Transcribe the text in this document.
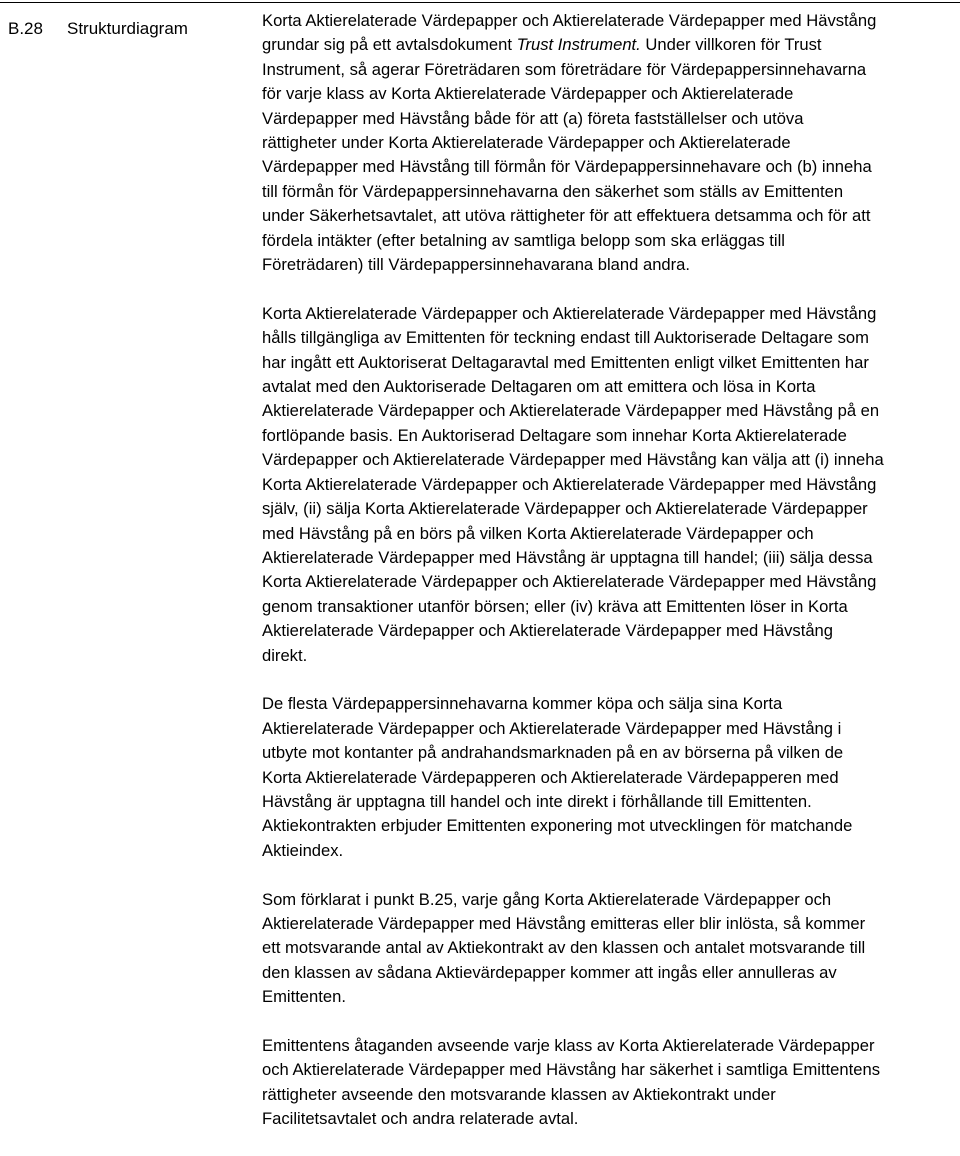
B.28 Strukturdiagram	Korta Aktierelaterade Värdepapper och Aktierelaterade Värdepapper med Hävstång
grundar sig på ett avtalsdokument Trust Instrument. Under villkoren för Trust
Instrument, så agerar Företrädaren som företrädare för Värdepappersinnehavarna
för varje klass av Korta Aktierelaterade Värdepapper och Aktierelaterade
Värdepapper med Hävstång både för att (a) företa fastställelser och utöva
rättigheter under Korta Aktierelaterade Värdepapper och Aktierelaterade
Värdepapper med Hävstång till förmån för Värdepappersinnehavare och (b) inneha
till förmån för Värdepappersinnehavarna den säkerhet som ställs av Emittenten
under Säkerhetsavtalet, att utöva rättigheter för att effektuera detsamma och för att
fördela intäkter (efter betalning av samtliga belopp som ska erläggas till
Företrädaren) till Värdepappersinnehavarana bland andra.

Korta Aktierelaterade Värdepapper och Aktierelaterade Värdepapper med Hävstång
hålls tillgängliga av Emittenten för teckning endast till Auktoriserade Deltagare som
har ingått ett Auktoriserat Deltagaravtal med Emittenten enligt vilket Emittenten har
avtalat med den Auktoriserade Deltagaren om att emittera och lösa in Korta
Aktierelaterade Värdepapper och Aktierelaterade Värdepapper med Hävstång på en
fortlöpande basis. En Auktoriserad Deltagare som innehar Korta Aktierelaterade
Värdepapper och Aktierelaterade Värdepapper med Hävstång kan välja att (i) inneha
Korta Aktierelaterade Värdepapper och Aktierelaterade Värdepapper med Hävstång
själv, (ii) sälja Korta Aktierelaterade Värdepapper och Aktierelaterade Värdepapper
med Hävstång på en börs på vilken Korta Aktierelaterade Värdepapper och
Aktierelaterade Värdepapper med Hävstång är upptagna till handel; (iii) sälja dessa
Korta Aktierelaterade Värdepapper och Aktierelaterade Värdepapper med Hävstång
genom transaktioner utanför börsen; eller (iv) kräva att Emittenten löser in Korta
Aktierelaterade Värdepapper och Aktierelaterade Värdepapper med Hävstång
direkt.

De flesta Värdepappersinnehavarna kommer köpa och sälja sina Korta
Aktierelaterade Värdepapper och Aktierelaterade Värdepapper med Hävstång i
utbyte mot kontanter på andrahandsmarknaden på en av börserna på vilken de
Korta Aktierelaterade Värdepapperen och Aktierelaterade Värdepapperen med
Hävstång är upptagna till handel och inte direkt i förhållande till Emittenten.
Aktiekontrakten erbjuder Emittenten exponering mot utvecklingen för matchande
Aktieindex.

Som förklarat i punkt B.25, varje gång Korta Aktierelaterade Värdepapper och
Aktierelaterade Värdepapper med Hävstång emitteras eller blir inlösta, så kommer
ett motsvarande antal av Aktiekontrakt av den klassen och antalet motsvarande till
den klassen av sådana Aktievärdepapper kommer att ingås eller annulleras av
Emittenten.

Emittentens åtaganden avseende varje klass av Korta Aktierelaterade Värdepapper
och Aktierelaterade Värdepapper med Hävstång har säkerhet i samtliga Emittentens
rättigheter avseende den motsvarande klassen av Aktiekontrakt under
Facilitetsavtalet och andra relaterade avtal.
